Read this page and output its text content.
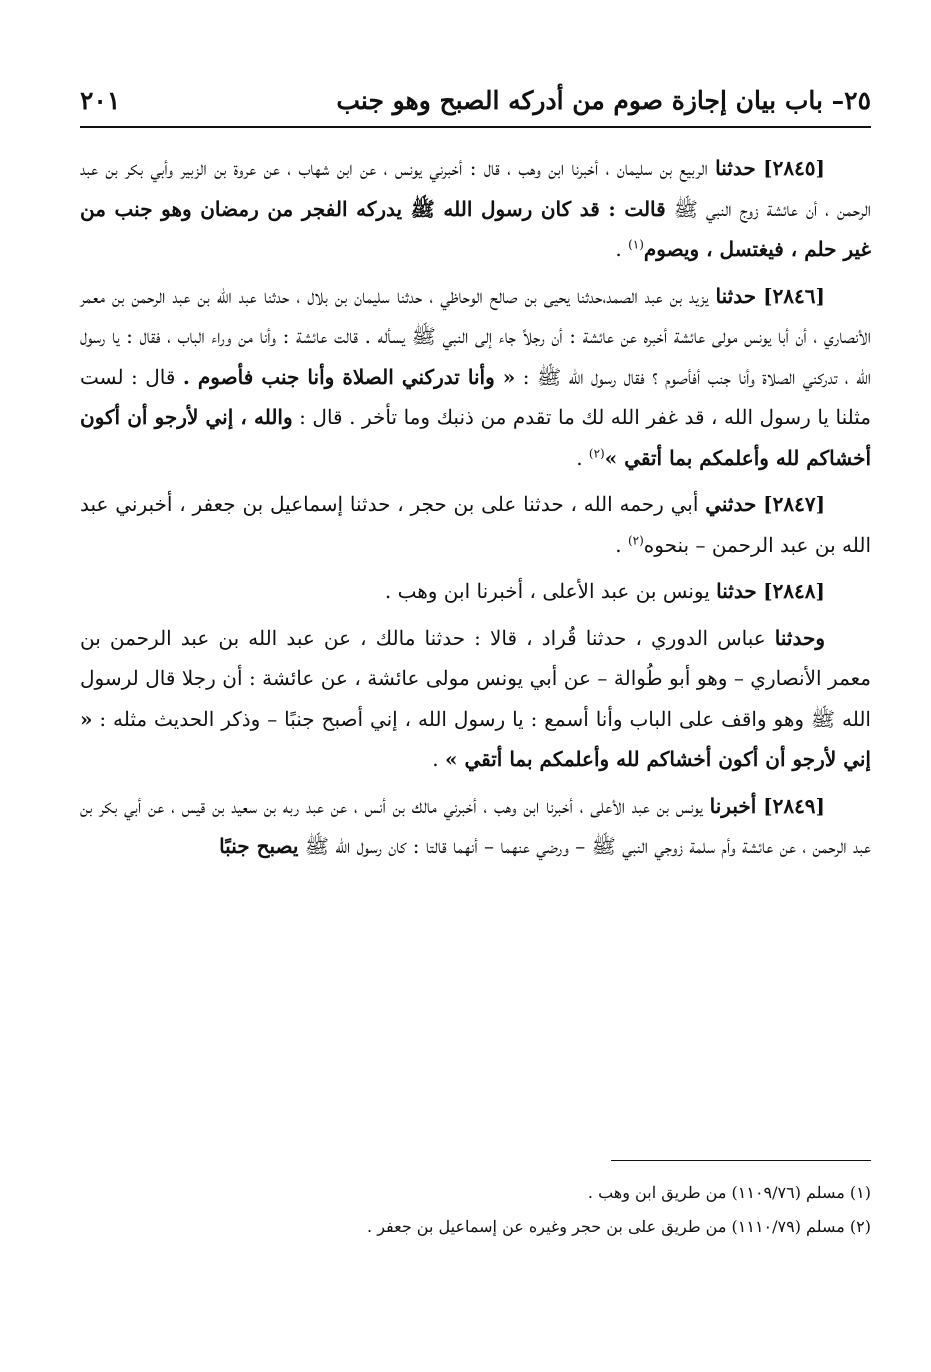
٢٥– باب بيان إجازة صوم من أدركه الصبح وهو جنب
٢٠١

[٢٨٤٥] حدثنا الربيع بن سليمان ، أخبرنا ابن وهب ، قال : أخبرني يونس ، عن ابن شهاب ، عن عروة بن الزبير وأبي بكر بن عبد الرحمن ، أن عائشة زوج النبي ﷺ قالت : قد كان رسول الله ﷺ يدركه الفجر من رمضان وهو جنب من غير حلم ، فيغتسل ، ويصوم$^{(١)}$ .

[٢٨٤٦] حدثنا يزيد بن عبد الصمد،حدثنا يحيى بن صالح الوحاظي ، حدثنا سليمان بن بلال ، حدثنا عبد الله بن عبد الرحمن بن معمر الأنصاري ، أن أبا يونس مولى عائشة أخبره عن عائشة : أن رجلاً جاء إلى النبي ﷺ يسأله . قالت عائشة : وأنا من وراء الباب ، فقال : يا رسول الله ، تدركني الصلاة وأنا جنب أفأصوم ؟ فقال رسول الله ﷺ : « وأنا تدركني الصلاة وأنا جنب فأصوم . قال : لست مثلنا يا رسول الله ، قد غفر الله لك ما تقدم من ذنبك وما تأخر . قال : والله ، إني لأرجو أن أكون أخشاكم لله وأعلمكم بما أتقي »$^{(٢)}$ .

[٢٨٤٧] حدثني أبي رحمه الله ، حدثنا على بن حجر ، حدثنا إسماعيل بن جعفر ، أخبرني عبد الله بن عبد الرحمن – بنحوه$^{(٢)}$ .

[٢٨٤٨] حدثنا يونس بن عبد الأعلى ، أخبرنا ابن وهب .

وحدثنا عباس الدوري ، حدثنا قُراد ، قالا : حدثنا مالك ، عن عبد الله بن عبد الرحمن بن معمر الأنصاري – وهو أبو طُوالة – عن أبي يونس مولى عائشة ، عن عائشة : أن رجلا قال لرسول الله ﷺ وهو واقف على الباب وأنا أسمع : يا رسول الله ، إني أصبح جنبًا – وذكر الحديث مثله : « إني لأرجو أن أكون أخشاكم لله وأعلمكم بما أتقي » .

[٢٨٤٩] أخبرنا يونس بن عبد الأعلى ، أخبرنا ابن وهب ، أخبرني مالك بن أنس ، عن عبد ربه بن سعيد بن قيس ، عن أبي بكر بن عبد الرحمن ، عن عائشة وأم سلمة زوجي النبي ﷺ – ورضي عنهما – أنهما قالتا : كان رسول الله ﷺ يصبح جنبًا

(١) مسلم (١١٠٩/٧٦) من طريق ابن وهب .

(٢) مسلم (١١١٠/٧٩) من طريق على بن حجر وغيره عن إسماعيل بن جعفر .
